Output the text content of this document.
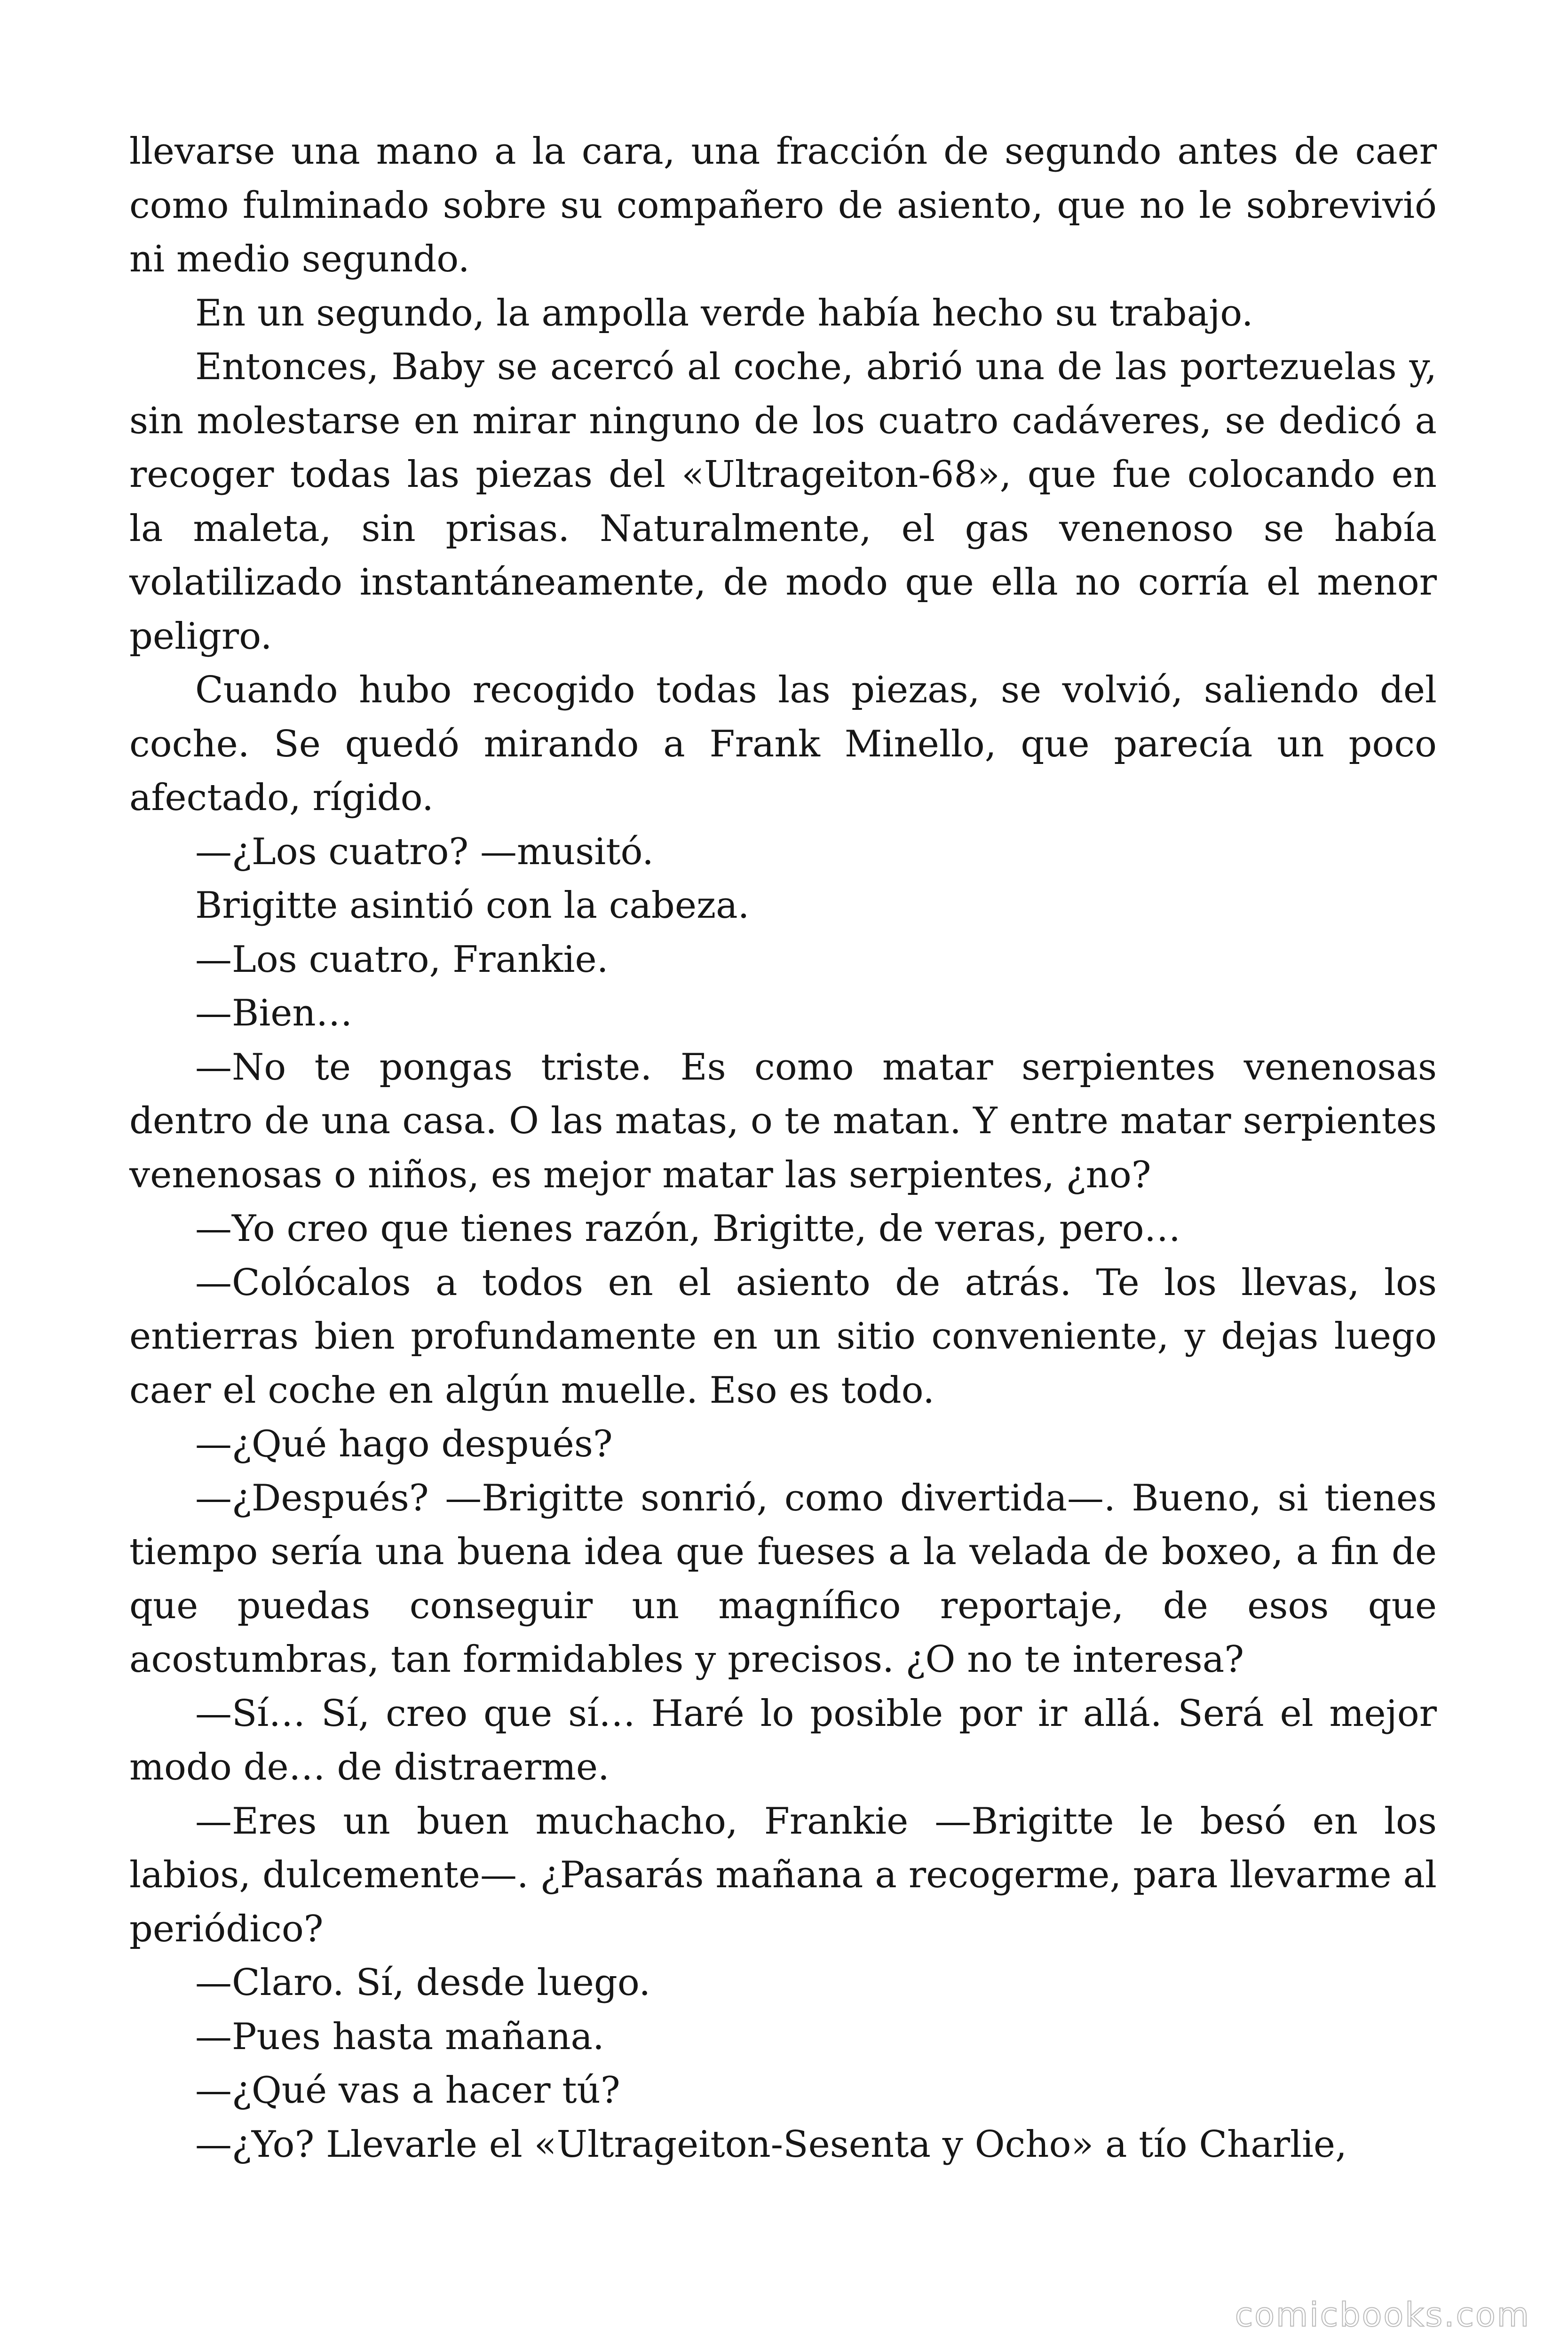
llevarse una mano a la cara, una fracción de segundo antes de caer como fulminado sobre su compañero de asiento, que no le sobrevivió ni medio segundo.

En un segundo, la ampolla verde había hecho su trabajo.

Entonces, Baby se acercó al coche, abrió una de las portezuelas y, sin molestarse en mirar ninguno de los cuatro cadáveres, se dedicó a recoger todas las piezas del «Ultrageiton-68», que fue colocando en la maleta, sin prisas. Naturalmente, el gas venenoso se había volatilizado instantáneamente, de modo que ella no corría el menor peligro.

Cuando hubo recogido todas las piezas, se volvió, saliendo del coche. Se quedó mirando a Frank Minello, que parecía un poco afectado, rígido.

—¿Los cuatro? —musitó.

Brigitte asintió con la cabeza.

—Los cuatro, Frankie.

—Bien…

—No te pongas triste. Es como matar serpientes venenosas dentro de una casa. O las matas, o te matan. Y entre matar serpientes venenosas o niños, es mejor matar las serpientes, ¿no?

—Yo creo que tienes razón, Brigitte, de veras, pero…

—Colócalos a todos en el asiento de atrás. Te los llevas, los entierras bien profundamente en un sitio conveniente, y dejas luego caer el coche en algún muelle. Eso es todo.

—¿Qué hago después?

—¿Después? —Brigitte sonrió, como divertida—. Bueno, si tienes tiempo sería una buena idea que fueses a la velada de boxeo, a fin de que puedas conseguir un magnífico reportaje, de esos que acostumbras, tan formidables y precisos. ¿O no te interesa?

—Sí… Sí, creo que sí… Haré lo posible por ir allá. Será el mejor modo de… de distraerme.

—Eres un buen muchacho, Frankie —Brigitte le besó en los labios, dulcemente—. ¿Pasarás mañana a recogerme, para llevarme al periódico?

—Claro. Sí, desde luego.

—Pues hasta mañana.

—¿Qué vas a hacer tú?

—¿Yo? Llevarle el «Ultrageiton-Sesenta y Ocho» a tío Charlie,

comicbooks.com
